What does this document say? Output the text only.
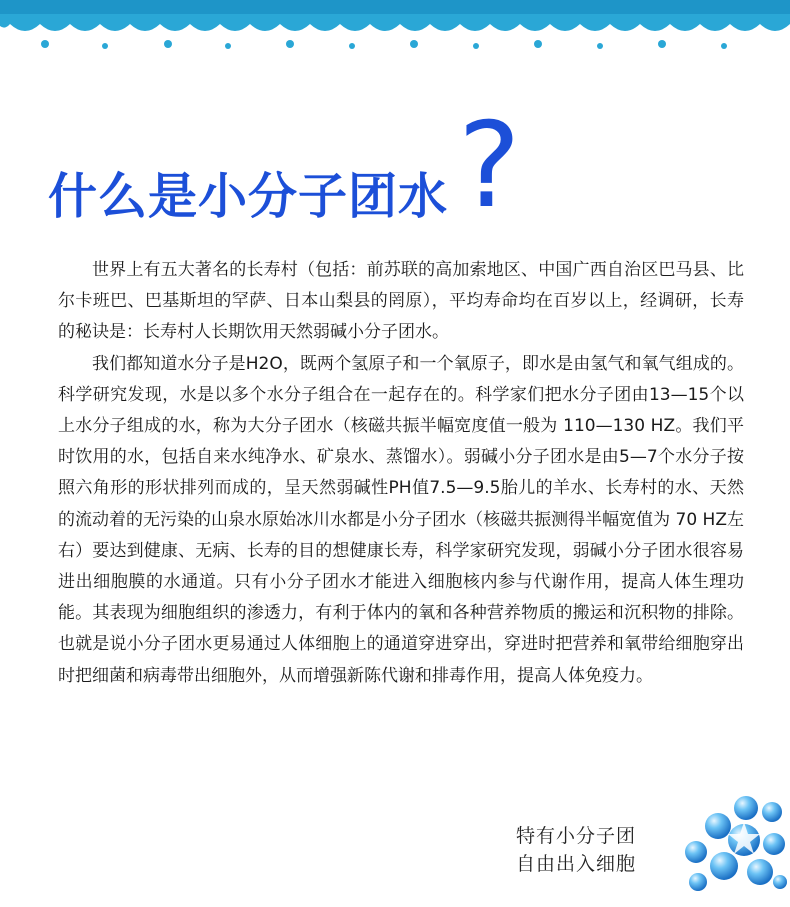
什么是小分子团水 ?

世界上有五大著名的长寿村（包括：前苏联的高加索地区、中国广西自治区巴马县、比尔卡班巴、巴基斯坦的罕萨、日本山梨县的罔原），平均寿命均在百岁以上，经调研，长寿的秘诀是：长寿村人长期饮用天然弱碱小分子团水。

我们都知道水分子是H2O，既两个氢原子和一个氧原子，即水是由氢气和氧气组成的。科学研究发现，水是以多个水分子组合在一起存在的。科学家们把水分子团由13—15个以上水分子组成的水，称为大分子团水（核磁共振半幅宽度值一般为 110—130 HZ。我们平时饮用的水，包括自来水纯净水、矿泉水、蒸馏水）。弱碱小分子团水是由5—7个水分子按照六角形的形状排列而成的，呈天然弱碱性PH值7.5—9.5胎儿的羊水、长寿村的水、天然的流动着的无污染的山泉水原始冰川水都是小分子团水（核磁共振测得半幅宽值为 70 HZ左右）要达到健康、无病、长寿的目的想健康长寿，科学家研究发现，弱碱小分子团水很容易进出细胞膜的水通道。只有小分子团水才能进入细胞核内参与代谢作用，提高人体生理功能。其表现为细胞组织的渗透力，有利于体内的氧和各种营养物质的搬运和沉积物的排除。也就是说小分子团水更易通过人体细胞上的通道穿进穿出，穿进时把营养和氧带给细胞穿出时把细菌和病毒带出细胞外，从而增强新陈代谢和排毒作用，提高人体免疫力。

特有小分子团
自由出入细胞
